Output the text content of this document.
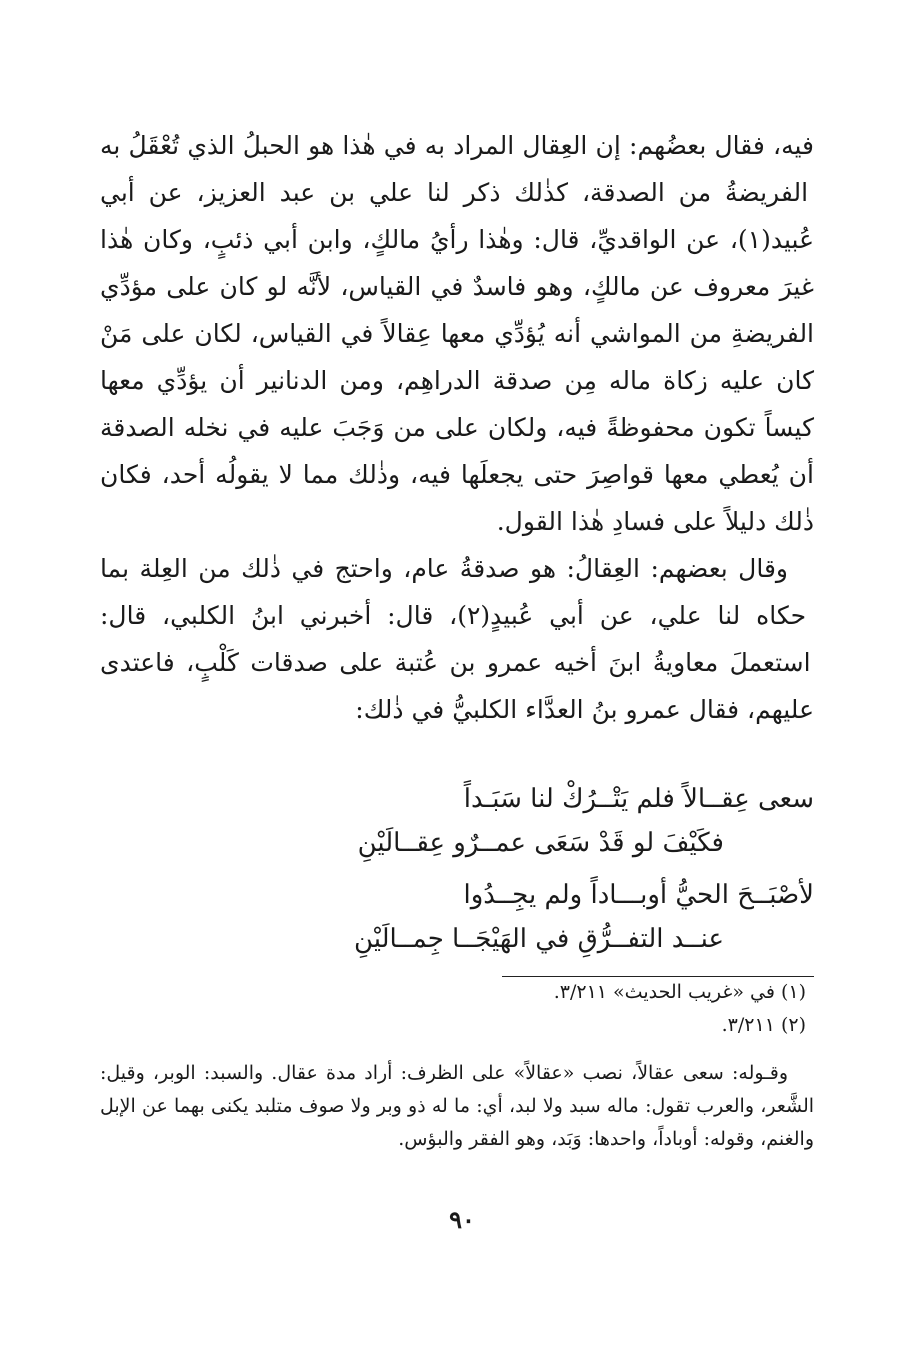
فيه، فقال بعضُهم: إن العِقال المراد به في هٰذا هو الحبلُ الذي تُعْقَلُ به الفريضةُ من الصدقة، كذٰلك ذكر لنا علي بن عبد العزيز، عن أبي عُبيد(١)، عن الواقديِّ، قال: وهٰذا رأيُ مالكٍ، وابن أبي ذئبٍ، وكان هٰذا غيرَ معروف عن مالكٍ، وهو فاسدٌ في القياس، لأنَّه لو كان على مؤدِّي الفريضةِ من المواشي أنه يُؤدِّي معها عِقالاً في القياس، لكان على مَنْ كان عليه زكاة ماله مِن صدقة الدراهِم، ومن الدنانير أن يؤدِّي معها كيساً تكون محفوظةً فيه، ولكان على من وَجَبَ عليه في نخله الصدقة أن يُعطي معها قواصِرَ حتى يجعلَها فيه، وذٰلك مما لا يقولُه أحد، فكان ذٰلك دليلاً على فسادِ هٰذا القول.

وقال بعضهم: العِقالُ: هو صدقةُ عام، واحتج في ذٰلك من العِلة بما حكاه لنا علي، عن أبي عُبيدٍ(٢)، قال: أخبرني ابنُ الكلبي، قال: استعملَ معاويةُ ابنَ أخيه عمرو بن عُتبة على صدقات كَلْبٍ، فاعتدى عليهم، فقال عمرو بنُ العدَّاء الكلبيُّ في ذٰلك:

سعى عِقــالاً فلم يَتْــرُكْ لنا سَبَـداً

فكَيْفَ لو قَدْ سَعَى عمــرٌو عِقــالَيْنِ

لأصْبَــحَ الحيُّ أوبـــاداً ولم يجِــدُوا

عنــد التفــرُّقِ في الهَيْجَــا جِمــالَيْنِ

(١) في «غريب الحديث» ٣/٢١١.

(٢) ٣/٢١١.

وقـوله: سعى عقالاً، نصب «عقالاً» على الظرف: أراد مدة عقال. والسبد: الوبر، وقيل: الشَّعر، والعرب تقول: ماله سبد ولا لبد، أي: ما له ذو وبر ولا صوف متلبد يكنى بهما عن الإبل والغنم، وقوله: أوباداً، واحدها: وَبَد، وهو الفقر والبؤس.

٩٠
